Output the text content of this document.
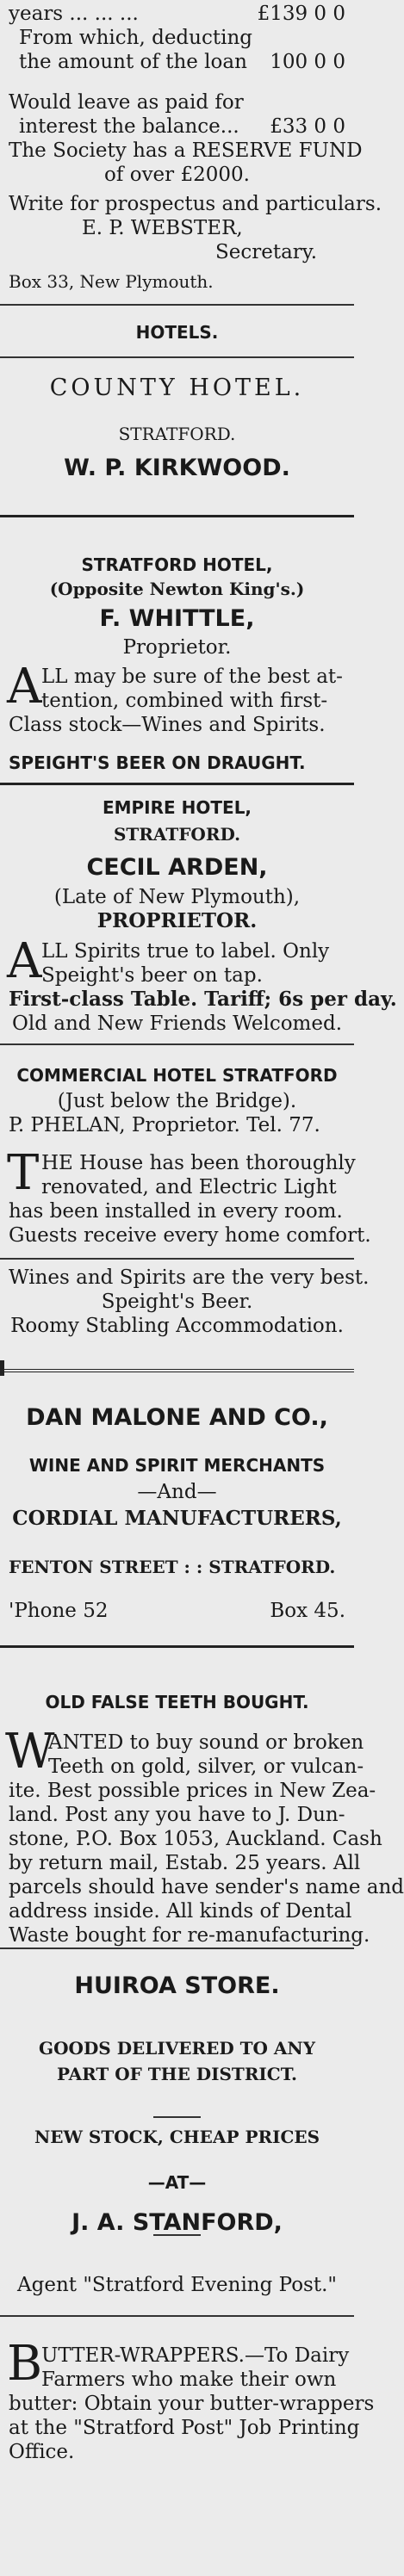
years ... ... ...	£139 0 0
From which, deducting
the amount of the loan 100 0 0
Would leave as paid for
interest the balance... £33 0 0
The Society has a RESERVE FUND
of over £2000.
Write for prospectus and particulars.
E. P. WEBSTER,
Secretary.
Box 33, New Plymouth.
HOTELS.
COUNTY HOTEL.
STRATFORD.
W. P. KIRKWOOD.
STRATFORD HOTEL,
(Opposite Newton King's.)
F. WHITTLE,
Proprietor.
A LL may be sure of the best at-
tention, combined with first-
Class stock—Wines and Spirits.
SPEIGHT'S BEER ON DRAUGHT.
EMPIRE HOTEL,
STRATFORD.
CECIL ARDEN,
(Late of New Plymouth),
PROPRIETOR.
A LL Spirits true to label. Only
Speight's beer on tap.
First-class Table. Tariff; 6s per day.
Old and New Friends Welcomed.
COMMERCIAL HOTEL STRATFORD
(Just below the Bridge).
P. PHELAN, Proprietor. Tel. 77.
T HE House has been thoroughly
renovated, and Electric Light
has been installed in every room.
Guests receive every home comfort.
Wines and Spirits are the very best.
Speight's Beer.
Roomy Stabling Accommodation.
DAN MALONE AND CO.,
WINE AND SPIRIT MERCHANTS
—And—
CORDIAL MANUFACTURERS,
FENTON STREET : : STRATFORD.
'Phone 52	Box 45.
OLD FALSE TEETH BOUGHT.
W
ANTED to buy sound or broken
Teeth on gold, silver, or vulcan-
ite. Best possible prices in New Zea-
land. Post any you have to J. Dun-
stone, P.O. Box 1053, Auckland. Cash
by return mail, Estab. 25 years. All
parcels should have sender's name and
address inside. All kinds of Dental
Waste bought for re-manufacturing.
HUIROA STORE.
GOODS DELIVERED TO ANY
PART OF THE DISTRICT.
NEW STOCK, CHEAP PRICES
—AT—
J. A. STANFORD,
Agent "Stratford Evening Post."
B
UTTER-WRAPPERS.—To Dairy
Farmers who make their own
butter: Obtain your butter-wrappers
at the "Stratford Post" Job Printing
Office.
